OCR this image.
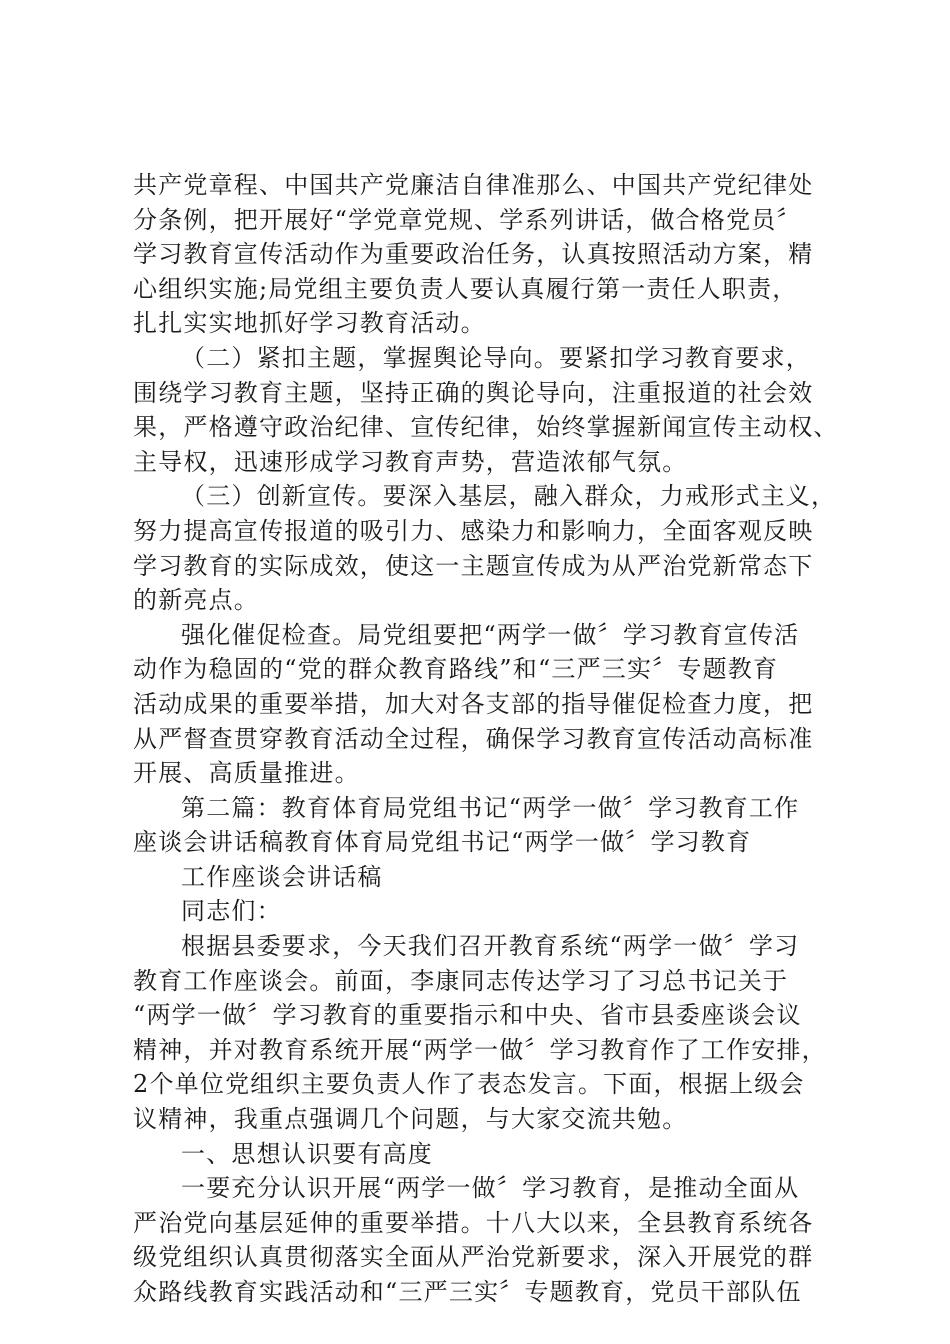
共产党章程、中国共产党廉洁自律准那么、中国共产党纪律处
分条例，把开展好“学党章党规、学系列讲话，做合格党员〞
学习教育宣传活动作为重要政治任务，认真按照活动方案，精
心组织实施;局党组主要负责人要认真履行第一责任人职责，
扎扎实实地抓好学习教育活动。
（二）紧扣主题，掌握舆论导向。要紧扣学习教育要求，
围绕学习教育主题，坚持正确的舆论导向，注重报道的社会效
果，严格遵守政治纪律、宣传纪律，始终掌握新闻宣传主动权、
主导权，迅速形成学习教育声势，营造浓郁气氛。
（三）创新宣传。要深入基层，融入群众，力戒形式主义，
努力提高宣传报道的吸引力、感染力和影响力，全面客观反映
学习教育的实际成效，使这一主题宣传成为从严治党新常态下
的新亮点。
强化催促检查。局党组要把“两学一做〞学习教育宣传活
动作为稳固的“党的群众教育路线”和“三严三实〞专题教育
活动成果的重要举措，加大对各支部的指导催促检查力度，把
从严督查贯穿教育活动全过程，确保学习教育宣传活动高标准
开展、高质量推进。
第二篇：教育体育局党组书记“两学一做〞学习教育工作
座谈会讲话稿教育体育局党组书记“两学一做〞学习教育
工作座谈会讲话稿
同志们：
根据县委要求，今天我们召开教育系统“两学一做〞学习
教育工作座谈会。前面，李康同志传达学习了习总书记关于
“两学一做〞学习教育的重要指示和中央、省市县委座谈会议
精神，并对教育系统开展“两学一做〞学习教育作了工作安排，
2个单位党组织主要负责人作了表态发言。下面，根据上级会
议精神，我重点强调几个问题，与大家交流共勉。
一、思想认识要有高度
一要充分认识开展“两学一做〞学习教育，是推动全面从
严治党向基层延伸的重要举措。十八大以来，全县教育系统各
级党组织认真贯彻落实全面从严治党新要求，深入开展党的群
众路线教育实践活动和“三严三实〞专题教育，党员干部队伍
